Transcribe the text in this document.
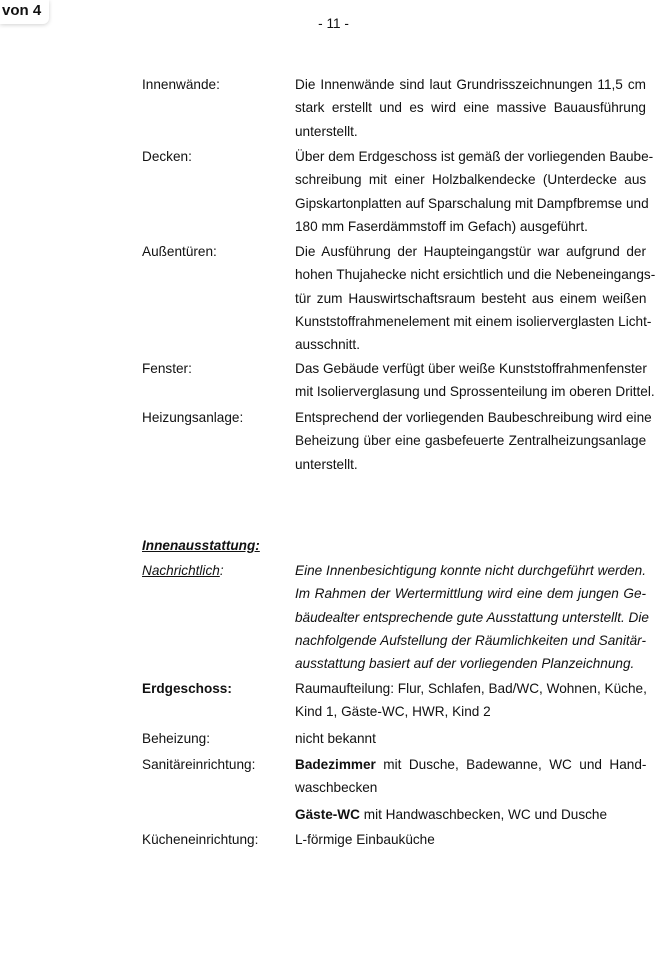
von 4
- 11 -
Innenwände:	Die Innenwände sind laut Grundrisszeichnungen 11,5 cm
stark erstellt und es wird eine massive Bauausführung
unterstellt.
Decken:	Über dem Erdgeschoss ist gemäß der vorliegenden Baube-
schreibung mit einer Holzbalkendecke (Unterdecke aus
Gipskartonplatten auf Sparschalung mit Dampfbremse und
180 mm Faserdämmstoff im Gefach) ausgeführt.
Außentüren:	Die Ausführung der Haupteingangstür war aufgrund der
hohen Thujahecke nicht ersichtlich und die Nebeneingangs-
tür zum Hauswirtschaftsraum besteht aus einem weißen
Kunststoffrahmenelement mit einem isolierverglasten Licht-
ausschnitt.
Fenster:	Das Gebäude verfügt über weiße Kunststoffrahmenfenster
mit Isolierverglasung und Sprossenteilung im oberen Drittel.
Heizungsanlage:	Entsprechend der vorliegenden Baubeschreibung wird eine
Beheizung über eine gasbefeuerte Zentralheizungsanlage
unterstellt.
Innenausstattung:
Nachrichtlich:	Eine Innenbesichtigung konnte nicht durchgeführt werden.
Im Rahmen der Wertermittlung wird eine dem jungen Ge-
bäudealter entsprechende gute Ausstattung unterstellt. Die
nachfolgende Aufstellung der Räumlichkeiten und Sanitär-
ausstattung basiert auf der vorliegenden Planzeichnung.
Erdgeschoss:	Raumaufteilung: Flur, Schlafen, Bad/WC, Wohnen, Küche,
Kind 1, Gäste-WC, HWR, Kind 2
Beheizung:	nicht bekannt
Sanitäreinrichtung:	Badezimmer mit Dusche, Badewanne, WC und Hand-
waschbecken
Gäste-WC mit Handwaschbecken, WC und Dusche
Kücheneinrichtung:	L-förmige Einbauküche
